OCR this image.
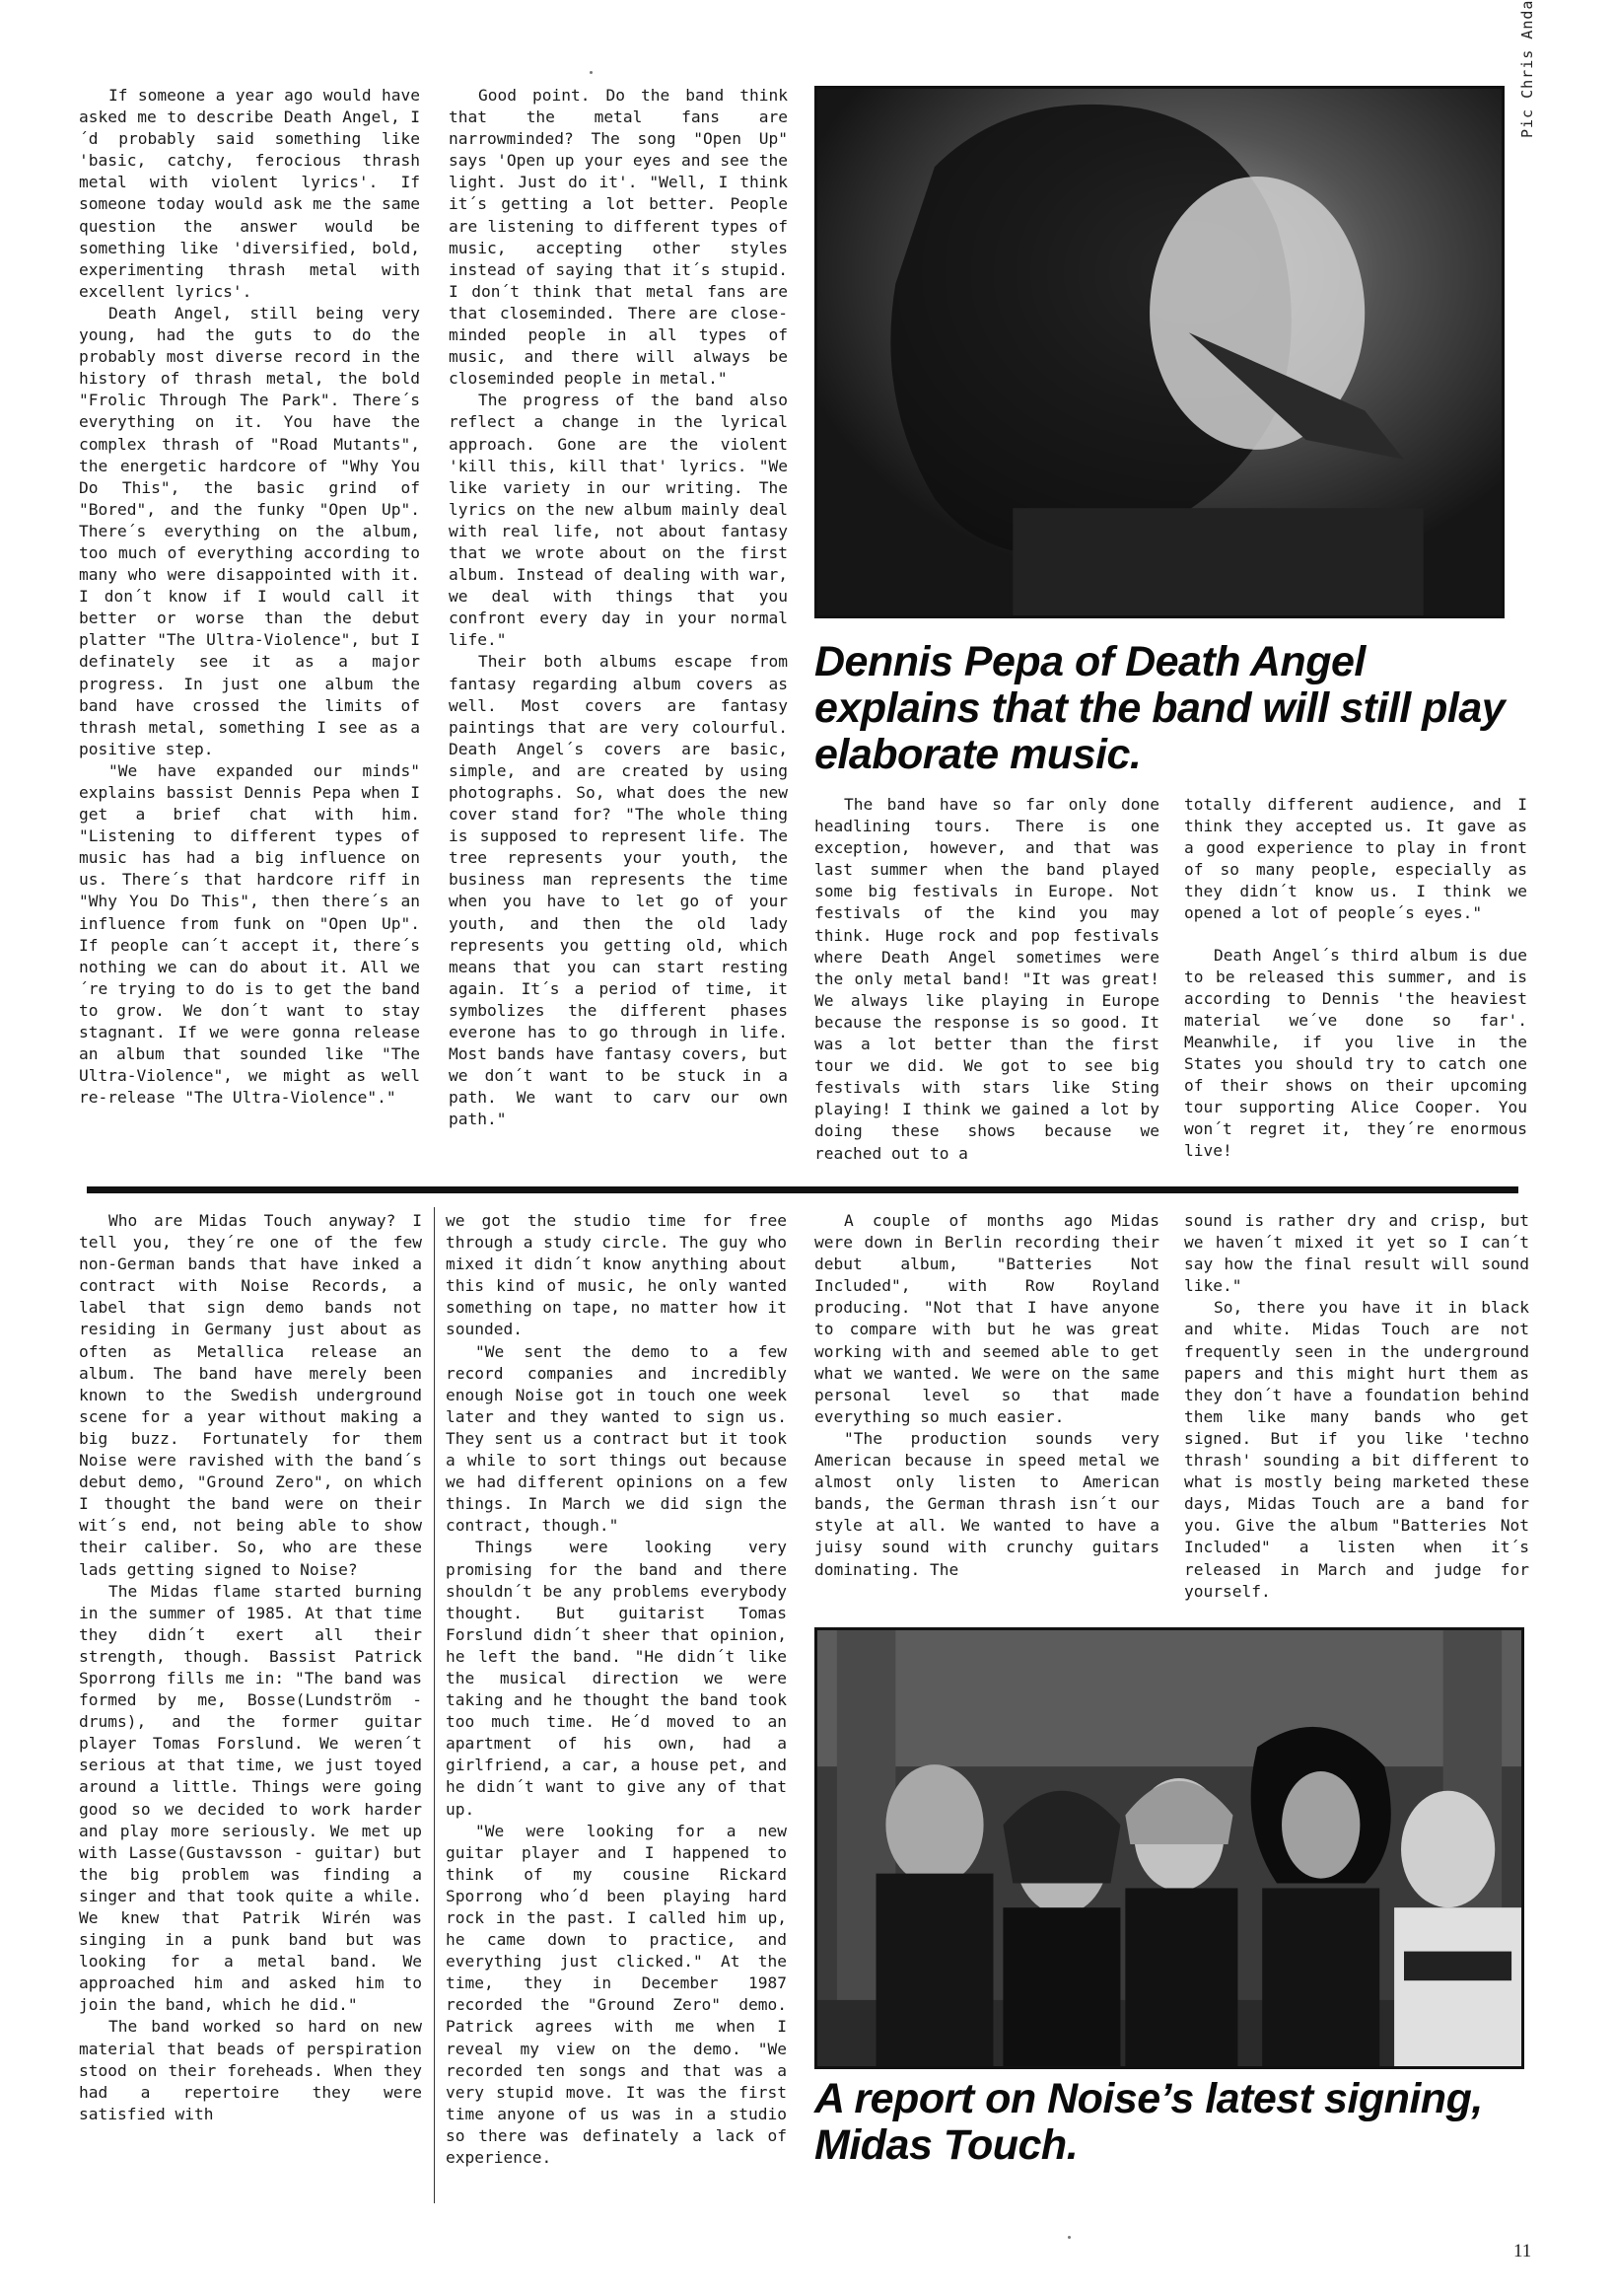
If someone a year ago would have asked me to describe Death Angel, I´d probably said something like 'basic, catchy, ferocious thrash metal with violent lyrics'. If someone today would ask me the same question the answer would be something like 'diversified, bold, experimenting thrash metal with excellent lyrics'.

Death Angel, still being very young, had the guts to do the probably most diverse record in the history of thrash metal, the bold "Frolic Through The Park". There´s everything on it. You have the complex thrash of "Road Mutants", the energetic hardcore of "Why You Do This", the basic grind of "Bored", and the funky "Open Up". There´s everything on the album, too much of everything according to many who were disappointed with it. I don´t know if I would call it better or worse than the debut platter "The Ultra-Violence", but I definately see it as a major progress. In just one album the band have crossed the limits of thrash metal, something I see as a positive step.

"We have expanded our minds" explains bassist Dennis Pepa when I get a brief chat with him. "Listening to different types of music has had a big influence on us. There´s that hardcore riff in "Why You Do This", then there´s an influence from funk on "Open Up". If people can´t accept it, there´s nothing we can do about it. All we´re trying to do is to get the band to grow. We don´t want to stay stagnant. If we were gonna release an album that sounded like "The Ultra-Violence", we might as well re-release "The Ultra-Violence"."

Good point. Do the band think that the metal fans are narrowminded? The song "Open Up" says 'Open up your eyes and see the light. Just do it'. "Well, I think it´s getting a lot better. People are listening to different types of music, accepting other styles instead of saying that it´s stupid. I don´t think that metal fans are that closeminded. There are close-minded people in all types of music, and there will always be closeminded people in metal."

The progress of the band also reflect a change in the lyrical approach. Gone are the violent 'kill this, kill that' lyrics. "We like variety in our writing. The lyrics on the new album mainly deal with real life, not about fantasy that we wrote about on the first album. Instead of dealing with war, we deal with things that you confront every day in your normal life."

Their both albums escape from fantasy regarding album covers as well. Most covers are fantasy paintings that are very colourful. Death Angel´s covers are basic, simple, and are created by using photographs. So, what does the new cover stand for? "The whole thing is supposed to represent life. The tree represents your youth, the business man represents the time when you have to let go of your youth, and then the old lady represents you getting old, which means that you can start resting again. It´s a period of time, it symbolizes the different phases everone has to go through in life. Most bands have fantasy covers, but we don´t want to be stuck in a path. We want to carv our own path."

Pic Chris Anda
Dennis Pepa of Death Angel explains that the band will still play elaborate music.

The band have so far only done headlining tours. There is one exception, however, and that was last summer when the band played some big festivals in Europe. Not festivals of the kind you may think. Huge rock and pop festivals where Death Angel sometimes were the only metal band! "It was great! We always like playing in Europe because the response is so good. It was a lot better than the first tour we did. We got to see big festivals with stars like Sting playing! I think we gained a lot by doing these shows because we reached out to a

totally different audience, and I think they accepted us. It gave as a good experience to play in front of so many people, especially as they didn´t know us. I think we opened a lot of people´s eyes."

Death Angel´s third album is due to be released this summer, and is according to Dennis 'the heaviest material we´ve done so far'. Meanwhile, if you live in the States you should try to catch one of their shows on their upcoming tour supporting Alice Cooper. You won´t regret it, they´re enormous live!

Who are Midas Touch anyway? I tell you, they´re one of the few non-German bands that have inked a contract with Noise Records, a label that sign demo bands not residing in Germany just about as often as Metallica release an album. The band have merely been known to the Swedish underground scene for a year without making a big buzz. Fortunately for them Noise were ravished with the band´s debut demo, "Ground Zero", on which I thought the band were on their wit´s end, not being able to show their caliber. So, who are these lads getting signed to Noise?

The Midas flame started burning in the summer of 1985. At that time they didn´t exert all their strength, though. Bassist Patrick Sporrong fills me in: "The band was formed by me, Bosse(Lundström - drums), and the former guitar player Tomas Forslund. We weren´t serious at that time, we just toyed around a little. Things were going good so we decided to work harder and play more seriously. We met up with Lasse(Gustavsson - guitar) but the big problem was finding a singer and that took quite a while. We knew that Patrik Wirén was singing in a punk band but was looking for a metal band. We approached him and asked him to join the band, which he did."

The band worked so hard on new material that beads of perspiration stood on their foreheads. When they had a repertoire they were satisfied with

we got the studio time for free through a study circle. The guy who mixed it didn´t know anything about this kind of music, he only wanted something on tape, no matter how it sounded.

"We sent the demo to a few record companies and incredibly enough Noise got in touch one week later and they wanted to sign us. They sent us a contract but it took a while to sort things out because we had different opinions on a few things. In March we did sign the contract, though."

Things were looking very promising for the band and there shouldn´t be any problems everybody thought. But guitarist Tomas Forslund didn´t sheer that opinion, he left the band. "He didn´t like the musical direction we were taking and he thought the band took too much time. He´d moved to an apartment of his own, had a girlfriend, a car, a house pet, and he didn´t want to give any of that up.

"We were looking for a new guitar player and I happened to think of my cousine Rickard Sporrong who´d been playing hard rock in the past. I called him up, he came down to practice, and everything just clicked." At the time, they in December 1987 recorded the "Ground Zero" demo. Patrick agrees with me when I reveal my view on the demo. "We recorded ten songs and that was a very stupid move. It was the first time anyone of us was in a studio so there was definately a lack of experience.

A couple of months ago Midas were down in Berlin recording their debut album, "Batteries Not Included", with Row Royland producing. "Not that I have anyone to compare with but he was great working with and seemed able to get what we wanted. We were on the same personal level so that made everything so much easier.

"The production sounds very American because in speed metal we almost only listen to American bands, the German thrash isn´t our style at all. We wanted to have a juisy sound with crunchy guitars dominating. The

sound is rather dry and crisp, but we haven´t mixed it yet so I can´t say how the final result will sound like."

So, there you have it in black and white. Midas Touch are not frequently seen in the underground papers and this might hurt them as they don´t have a foundation behind them like many bands who get signed. But if you like 'techno thrash' sounding a bit different to what is mostly being marketed these days, Midas Touch are a band for you. Give the album "Batteries Not Included" a listen when it´s released in March and judge for yourself.

A report on Noise’s latest signing, Midas Touch.
11
